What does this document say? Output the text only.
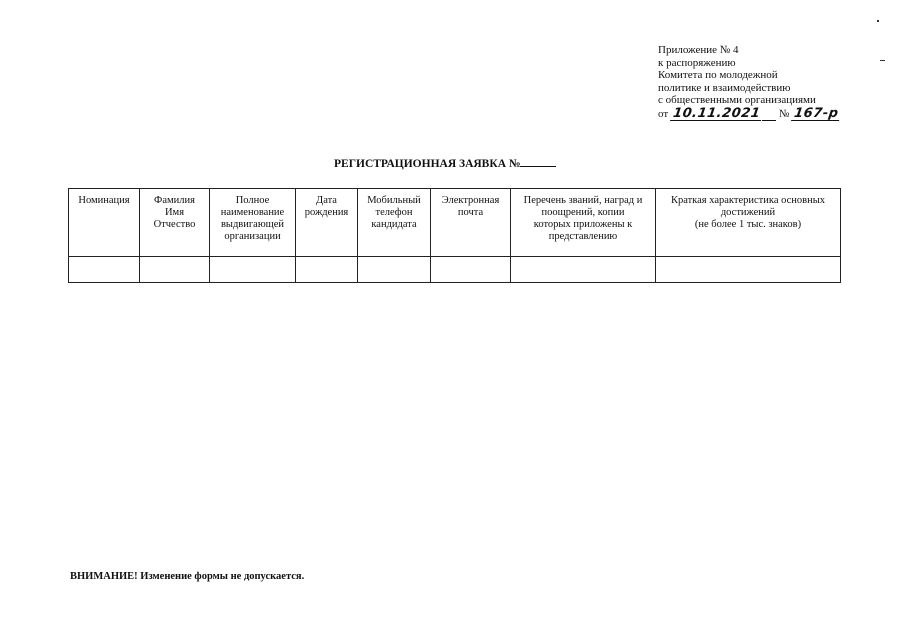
Приложение № 4
к распоряжению
Комитета по молодежной
политике и взаимодействию
с общественными организациями
от
10.11.2021
№
167-р
РЕГИСТРАЦИОННАЯ ЗАЯВКА №
Номинация	Фамилия
Имя
Отчество	Полное
наименование
выдвигающей
организации	Дата
рождения	Мобильный
телефон
кандидата	Электронная
почта	Перечень званий, наград и
поощрений, копии
которых приложены к
представлению	Краткая характеристика основных
достижений
(не более 1 тыс. знаков)

ВНИМАНИЕ! Изменение формы не допускается.
